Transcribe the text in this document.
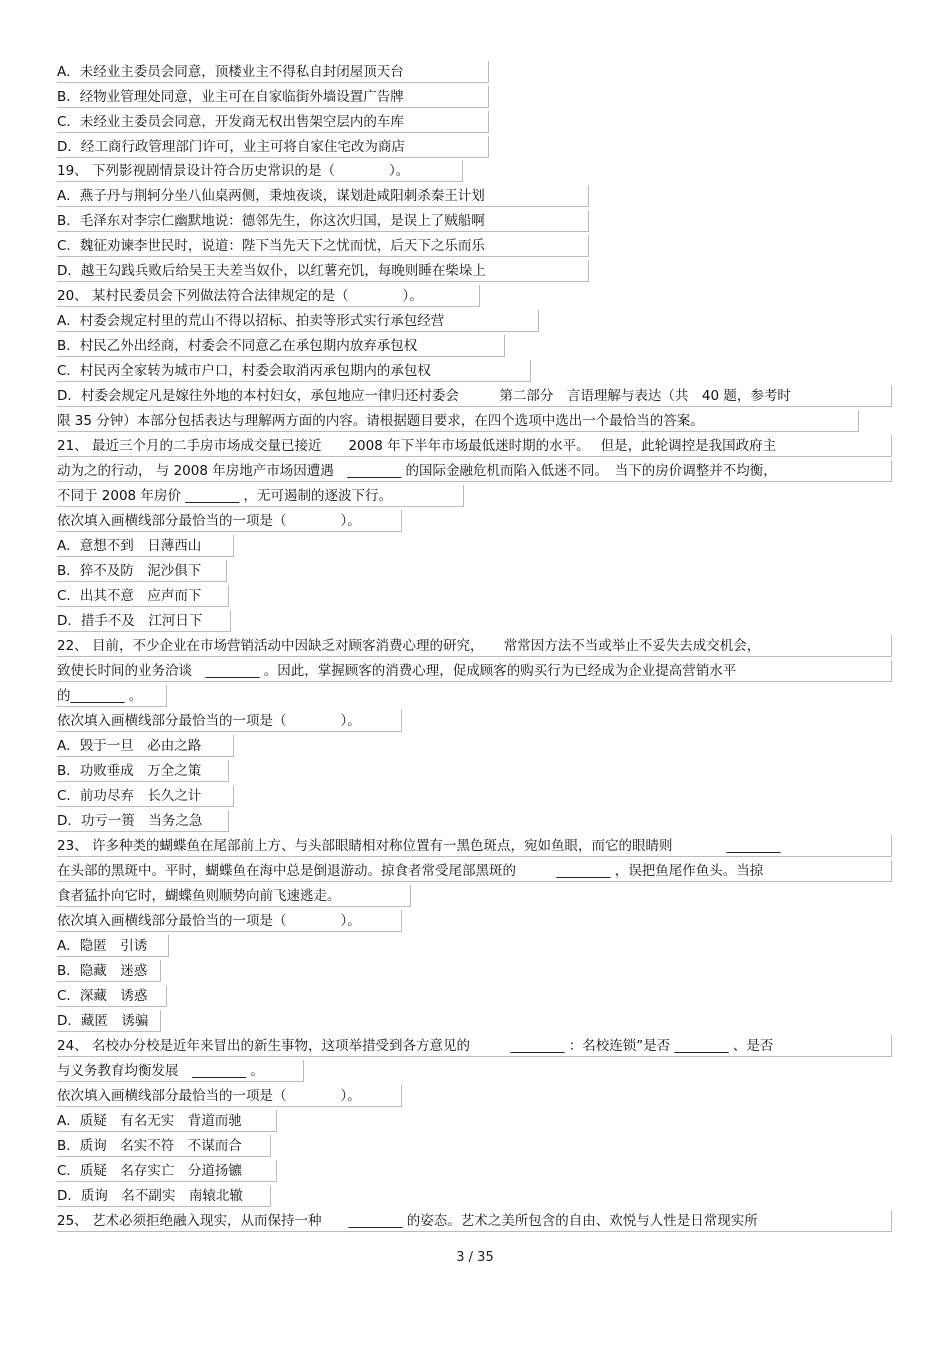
A．未经业主委员会同意，顶楼业主不得私自封闭屋顶天台
B．经物业管理处同意，业主可在自家临街外墙设置广告牌
C．未经业主委员会同意，开发商无权出售架空层内的车库
D．经工商行政管理部门许可，业主可将自家住宅改为商店
19、 下列影视剧情景设计符合历史常识的是（　　　　）。
A．燕子丹与荆轲分坐八仙桌两侧，秉烛夜谈，谋划赴咸阳刺杀秦王计划
B．毛泽东对李宗仁幽默地说：德邻先生，你这次归国，是误上了贼船啊
C．魏征劝谏李世民时，说道：陛下当先天下之忧而忧，后天下之乐而乐
D．越王勾践兵败后给吴王夫差当奴仆，以红薯充饥，每晚则睡在柴垛上
20、 某村民委员会下列做法符合法律规定的是（　　　　）。
A．村委会规定村里的荒山不得以招标、拍卖等形式实行承包经营
B．村民乙外出经商，村委会不同意乙在承包期内放弃承包权
C．村民丙全家转为城市户口，村委会取消丙承包期内的承包权
D．村委会规定凡是嫁往外地的本村妇女，承包地应一律归还村委会　　　第二部分　言语理解与表达（共　40 题，参考时
限 35 分钟）本部分包括表达与理解两方面的内容。请根据题目要求，在四个选项中选出一个最恰当的答案。
21、 最近三个月的二手房市场成交量已接近　　2008 年下半年市场最低迷时期的水平。　 但是，此轮调控是我国政府主
动为之的行动， 与 2008 年房地产市场因遭遇　________ 的国际金融危机而陷入低迷不同。　当下的房价调整并不均衡，
不同于 2008 年房价 ________ ，无可遏制的逐波下行。
依次填入画横线部分最恰当的一项是（　　　　）。
A．意想不到　日薄西山
B．猝不及防　泥沙俱下
C．出其不意　应声而下
D．措手不及　江河日下
22、 目前，不少企业在市场营销活动中因缺乏对顾客消费心理的研究，　　常常因方法不当或举止不妥失去成交机会，
致使长时间的业务洽谈　________ 。因此，掌握顾客的消费心理，促成顾客的购买行为已经成为企业提高营销水平
的________ 。
依次填入画横线部分最恰当的一项是（　　　　）。
A．毁于一旦　必由之路
B．功败垂成　万全之策
C．前功尽弃　长久之计
D．功亏一篑　当务之急
23、 许多种类的蝴蝶鱼在尾部前上方、与头部眼睛相对称位置有一黑色斑点，宛如鱼眼，而它的眼睛则　　　　________
在头部的黑斑中。平时，蝴蝶鱼在海中总是倒退游动。掠食者常受尾部黑斑的　　　________ ，误把鱼尾作鱼头。当掠
食者猛扑向它时，蝴蝶鱼则顺势向前飞速逃走。
依次填入画横线部分最恰当的一项是（　　　　）。
A．隐匿　引诱
B．隐藏　迷惑
C．深藏　诱惑
D．藏匿　诱骗
24、 名校办分校是近年来冒出的新生事物，这项举措受到各方意见的　　　________ ：名校连锁”是否 ________ 、是否
与义务教育均衡发展　________ 。
依次填入画横线部分最恰当的一项是（　　　　）。
A．质疑　有名无实　背道而驰
B．质询　名实不符　不谋而合
C．质疑　名存实亡　分道扬镳
D．质询　名不副实　南辕北辙
25、 艺术必须拒绝融入现实，从而保持一种　　________ 的姿态。艺术之美所包含的自由、欢悦与人性是日常现实所
3 / 35
